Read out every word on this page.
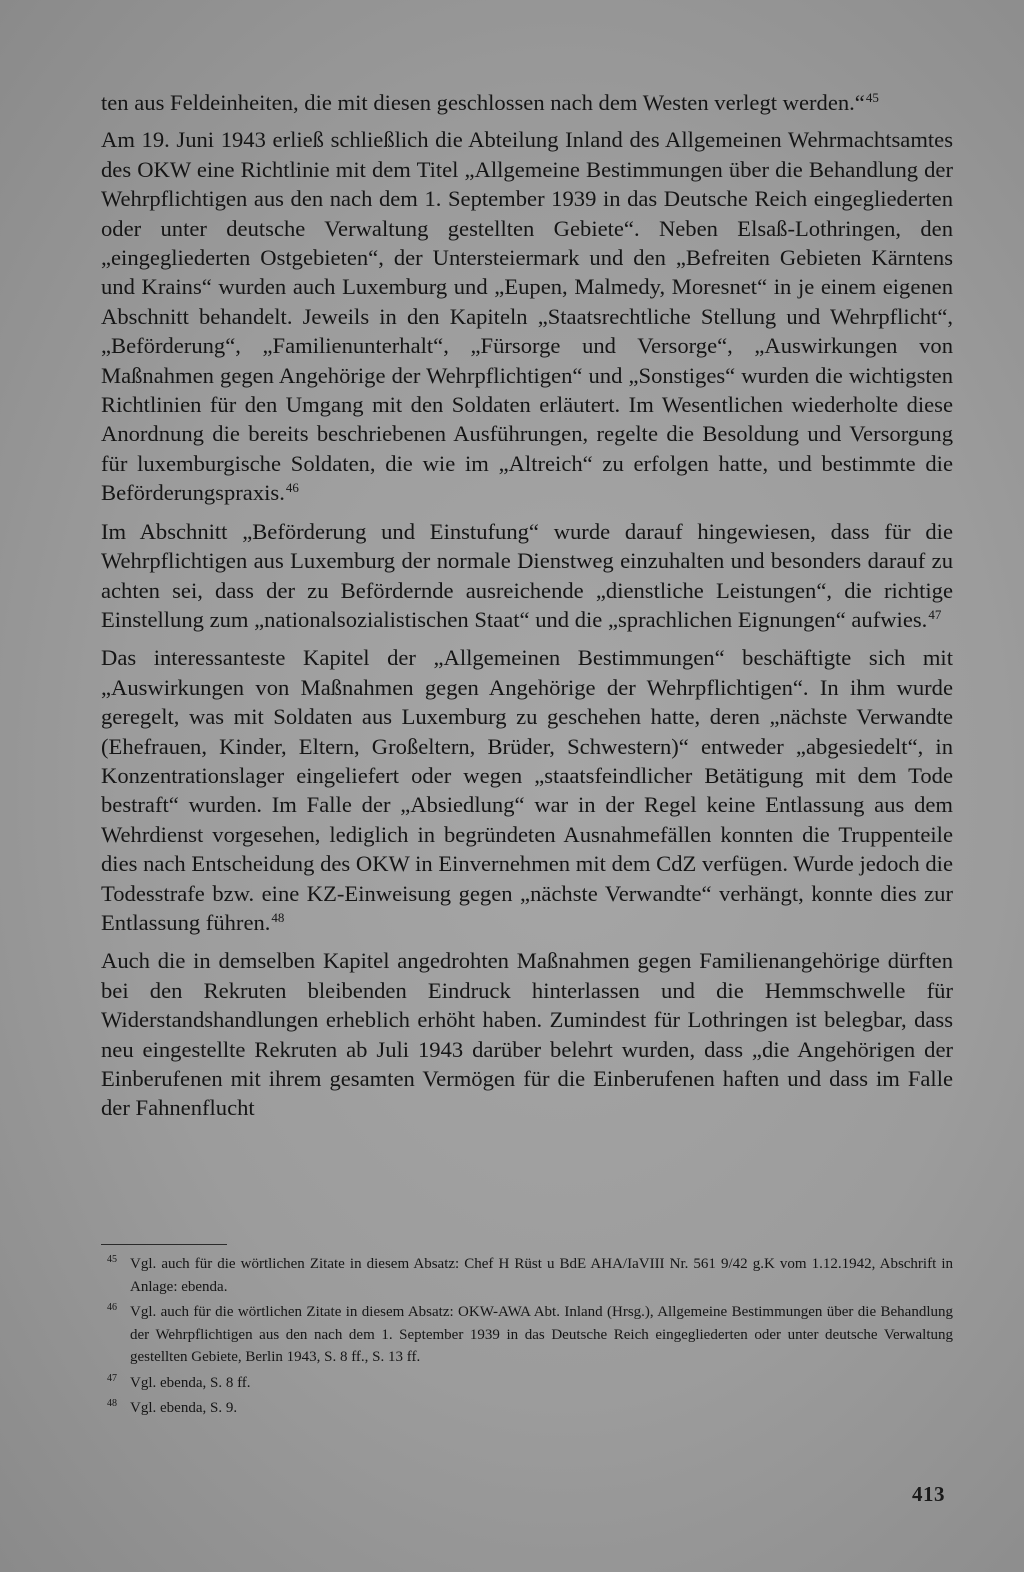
ten aus Feldeinheiten, die mit diesen geschlossen nach dem Westen verlegt werden.“$^{45}$

Am 19. Juni 1943 erließ schließlich die Abteilung Inland des Allgemeinen Wehrmachtsamtes des OKW eine Richtlinie mit dem Titel „Allgemeine Bestimmungen über die Behandlung der Wehrpflichtigen aus den nach dem 1. September 1939 in das Deutsche Reich eingegliederten oder unter deutsche Verwaltung gestellten Gebiete“. Neben Elsaß-Lothringen, den „eingegliederten Ostgebieten“, der Untersteiermark und den „Befreiten Gebieten Kärntens und Krains“ wurden auch Luxemburg und „Eupen, Malmedy, Moresnet“ in je einem eigenen Abschnitt behandelt. Jeweils in den Kapiteln „Staatsrechtliche Stellung und Wehrpflicht“, „Beförderung“, „Familienunterhalt“, „Fürsorge und Versorge“, „Auswirkungen von Maßnahmen gegen Angehörige der Wehrpflichtigen“ und „Sonstiges“ wurden die wichtigsten Richtlinien für den Umgang mit den Soldaten erläutert. Im Wesentlichen wiederholte diese Anordnung die bereits beschriebenen Ausführungen, regelte die Besoldung und Versorgung für luxemburgische Soldaten, die wie im „Altreich“ zu erfolgen hatte, und bestimmte die Beförderungspraxis.$^{46}$

Im Abschnitt „Beförderung und Einstufung“ wurde darauf hingewiesen, dass für die Wehrpflichtigen aus Luxemburg der normale Dienstweg einzuhalten und besonders darauf zu achten sei, dass der zu Befördernde ausreichende „dienstliche Leistungen“, die richtige Einstellung zum „nationalsozialistischen Staat“ und die „sprachlichen Eignungen“ aufwies.$^{47}$

Das interessanteste Kapitel der „Allgemeinen Bestimmungen“ beschäftigte sich mit „Auswirkungen von Maßnahmen gegen Angehörige der Wehrpflichtigen“. In ihm wurde geregelt, was mit Soldaten aus Luxemburg zu geschehen hatte, deren „nächste Verwandte (Ehefrauen, Kinder, Eltern, Großeltern, Brüder, Schwestern)“ entweder „abgesiedelt“, in Konzentrationslager eingeliefert oder wegen „staatsfeindlicher Betätigung mit dem Tode bestraft“ wurden. Im Falle der „Absiedlung“ war in der Regel keine Entlassung aus dem Wehrdienst vorgesehen, lediglich in begründeten Ausnahmefällen konnten die Truppenteile dies nach Entscheidung des OKW in Einvernehmen mit dem CdZ verfügen. Wurde jedoch die Todesstrafe bzw. eine KZ-Einweisung gegen „nächste Verwandte“ verhängt, konnte dies zur Entlassung führen.$^{48}$

Auch die in demselben Kapitel angedrohten Maßnahmen gegen Familienangehörige dürften bei den Rekruten bleibenden Eindruck hinterlassen und die Hemmschwelle für Widerstandshandlungen erheblich erhöht haben. Zumindest für Lothringen ist belegbar, dass neu eingestellte Rekruten ab Juli 1943 darüber belehrt wurden, dass „die Angehörigen der Einberufenen mit ihrem gesamten Vermögen für die Einberufenen haften und dass im Falle der Fahnenflucht

45 Vgl. auch für die wörtlichen Zitate in diesem Absatz: Chef H Rüst u BdE AHA/IaVIII Nr. 561 9/42 g.K vom 1.12.1942, Abschrift in Anlage: ebenda.
46 Vgl. auch für die wörtlichen Zitate in diesem Absatz: OKW-AWA Abt. Inland (Hrsg.), Allgemeine Bestimmungen über die Behandlung der Wehrpflichtigen aus den nach dem 1. September 1939 in das Deutsche Reich eingegliederten oder unter deutsche Verwaltung gestellten Gebiete, Berlin 1943, S. 8 ff., S. 13 ff.
47 Vgl. ebenda, S. 8 ff.
48 Vgl. ebenda, S. 9.
413
